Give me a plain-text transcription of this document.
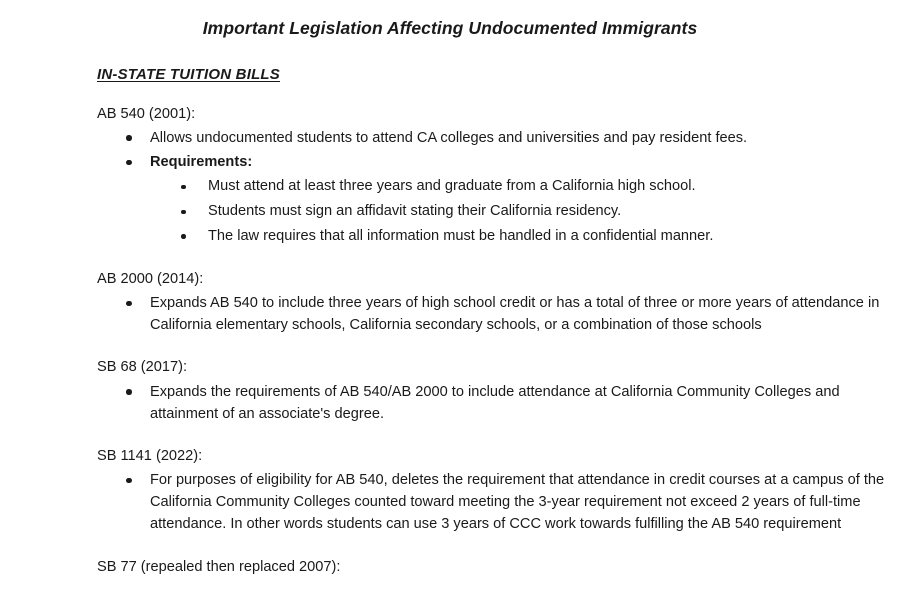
Important Legislation Affecting Undocumented Immigrants
IN-STATE TUITION BILLS

AB 540 (2001):

Allows undocumented students to attend CA colleges and universities and pay resident fees.
Requirements:
Must attend at least three years and graduate from a California high school.
Students must sign an affidavit stating their California residency.
The law requires that all information must be handled in a confidential manner.

AB 2000 (2014):

Expands AB 540 to include three years of high school credit or has a total of three or more years of attendance in California elementary schools, California secondary schools, or a combination of those schools

SB 68 (2017):

Expands the requirements of AB 540/AB 2000 to include attendance at California Community Colleges and attainment of an associate's degree.

SB 1141 (2022):

For purposes of eligibility for AB 540, deletes the requirement that attendance in credit courses at a campus of the California Community Colleges counted toward meeting the 3-year requirement not exceed 2 years of full-time attendance. In other words students can use 3 years of CCC work towards fulfilling the AB 540 requirement
SB 77 (repealed then replaced 2007):
